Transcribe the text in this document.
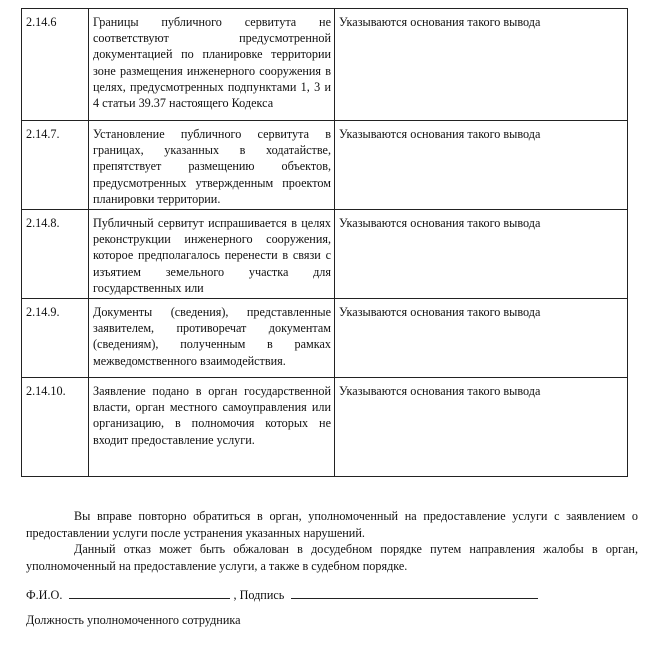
2.14.6	Границы публичного сервитута не соответствуют предусмотренной документацией по планировке территории зоне размещения инженерного сооружения в целях, предусмотренных подпунктами 1, 3 и 4 статьи 39.37 настоящего Кодекса	Указываются основания такого вывода
2.14.7.	Установление публичного сервитута в границах, указанных в ходатайстве, препятствует размещению объектов, предусмотренных утвержденным проектом планировки территории.	Указываются основания такого вывода
2.14.8.	Публичный сервитут испрашивается в целях реконструкции инженерного сооружения, которое предполагалось перенести в связи с изъятием земельного участка для государственных или	Указываются основания такого вывода
2.14.9.	Документы (сведения), представленные заявителем, противоречат документам (сведениям), полученным в рамках межведомственного взаимодействия.	Указываются основания такого вывода
2.14.10.	Заявление подано в орган государственной власти, орган местного самоуправления или организацию, в полномочия которых не входит предоставление услуги.	Указываются основания такого вывода

Вы вправе повторно обратиться в орган, уполномоченный на предоставление услуги с заявлением о предоставлении услуги после устранения указанных нарушений.

Данный отказ может быть обжалован в досудебном порядке путем направления жалобы в орган, уполномоченный на предоставление услуги, а также в судебном порядке.

Ф.И.О.	, Подпись
Должность уполномоченного сотрудника
